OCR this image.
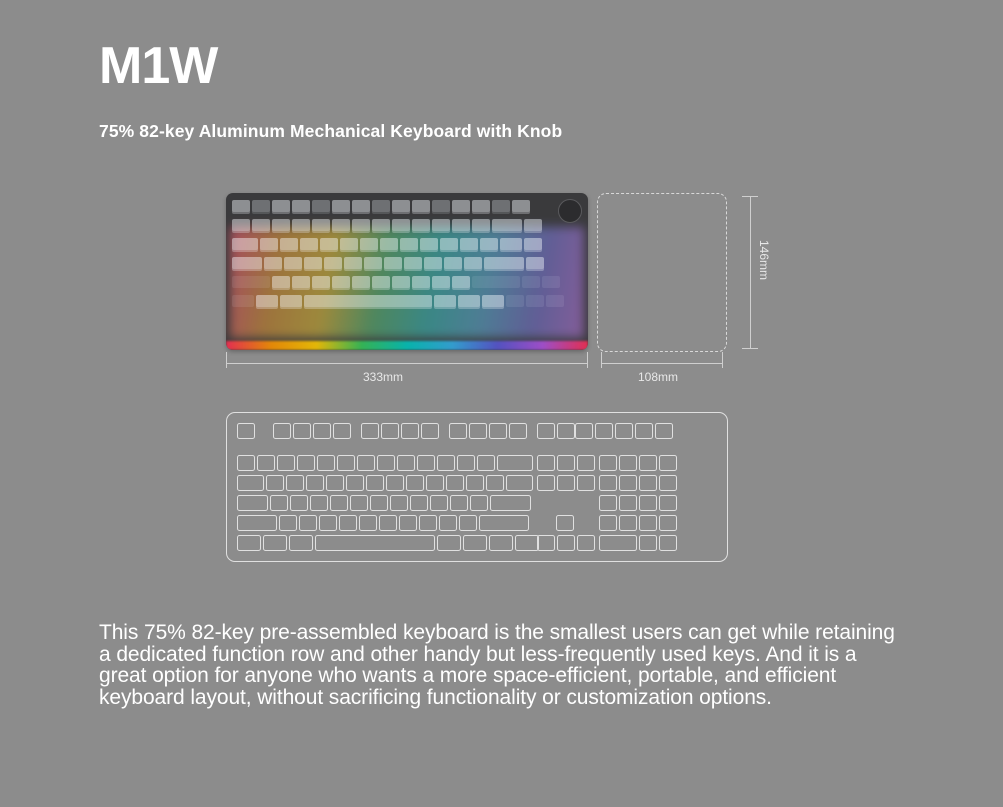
M1W
75% 82-key Aluminum Mechanical Keyboard with Knob
333mm	108mm
146mm
This 75% 82-key pre-assembled keyboard is the smallest users can get while retaining a dedicated function row and other handy but less-frequently used keys. And it is a great option for anyone who wants a more space-efficient, portable, and efficient keyboard layout, without sacrificing functionality or customization options.
